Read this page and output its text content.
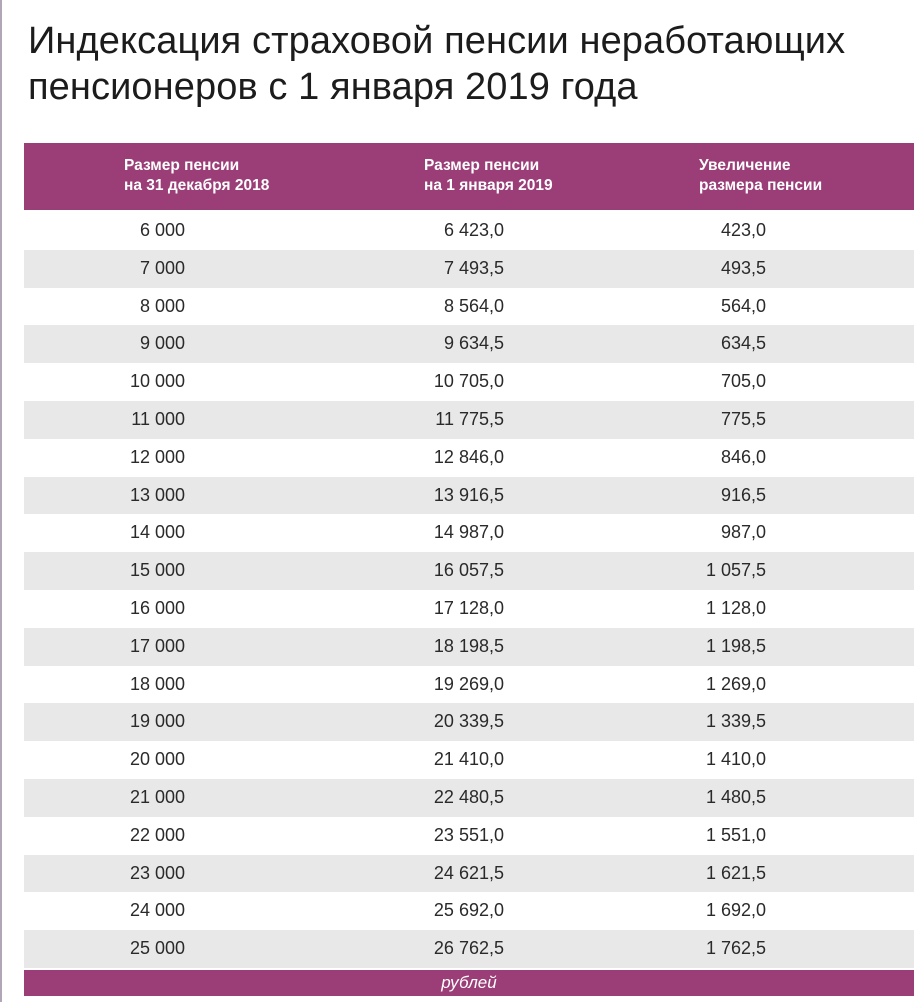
Индексация страховой пенсии неработающих
пенсионеров с 1 января 2019 года
Размер пенсии
на 31 декабря 2018
Размер пенсии
на 1 января 2019
Увеличение
размера пенсии
6 000	6 423,0	423,0
7 000	7 493,5	493,5
8 000	8 564,0	564,0
9 000	9 634,5	634,5
10 000	10 705,0	705,0
11 000	11 775,5	775,5
12 000	12 846,0	846,0
13 000	13 916,5	916,5
14 000	14 987,0	987,0
15 000	16 057,5	1 057,5
16 000	17 128,0	1 128,0
17 000	18 198,5	1 198,5
18 000	19 269,0	1 269,0
19 000	20 339,5	1 339,5
20 000	21 410,0	1 410,0
21 000	22 480,5	1 480,5
22 000	23 551,0	1 551,0
23 000	24 621,5	1 621,5
24 000	25 692,0	1 692,0
25 000	26 762,5	1 762,5
рублей
